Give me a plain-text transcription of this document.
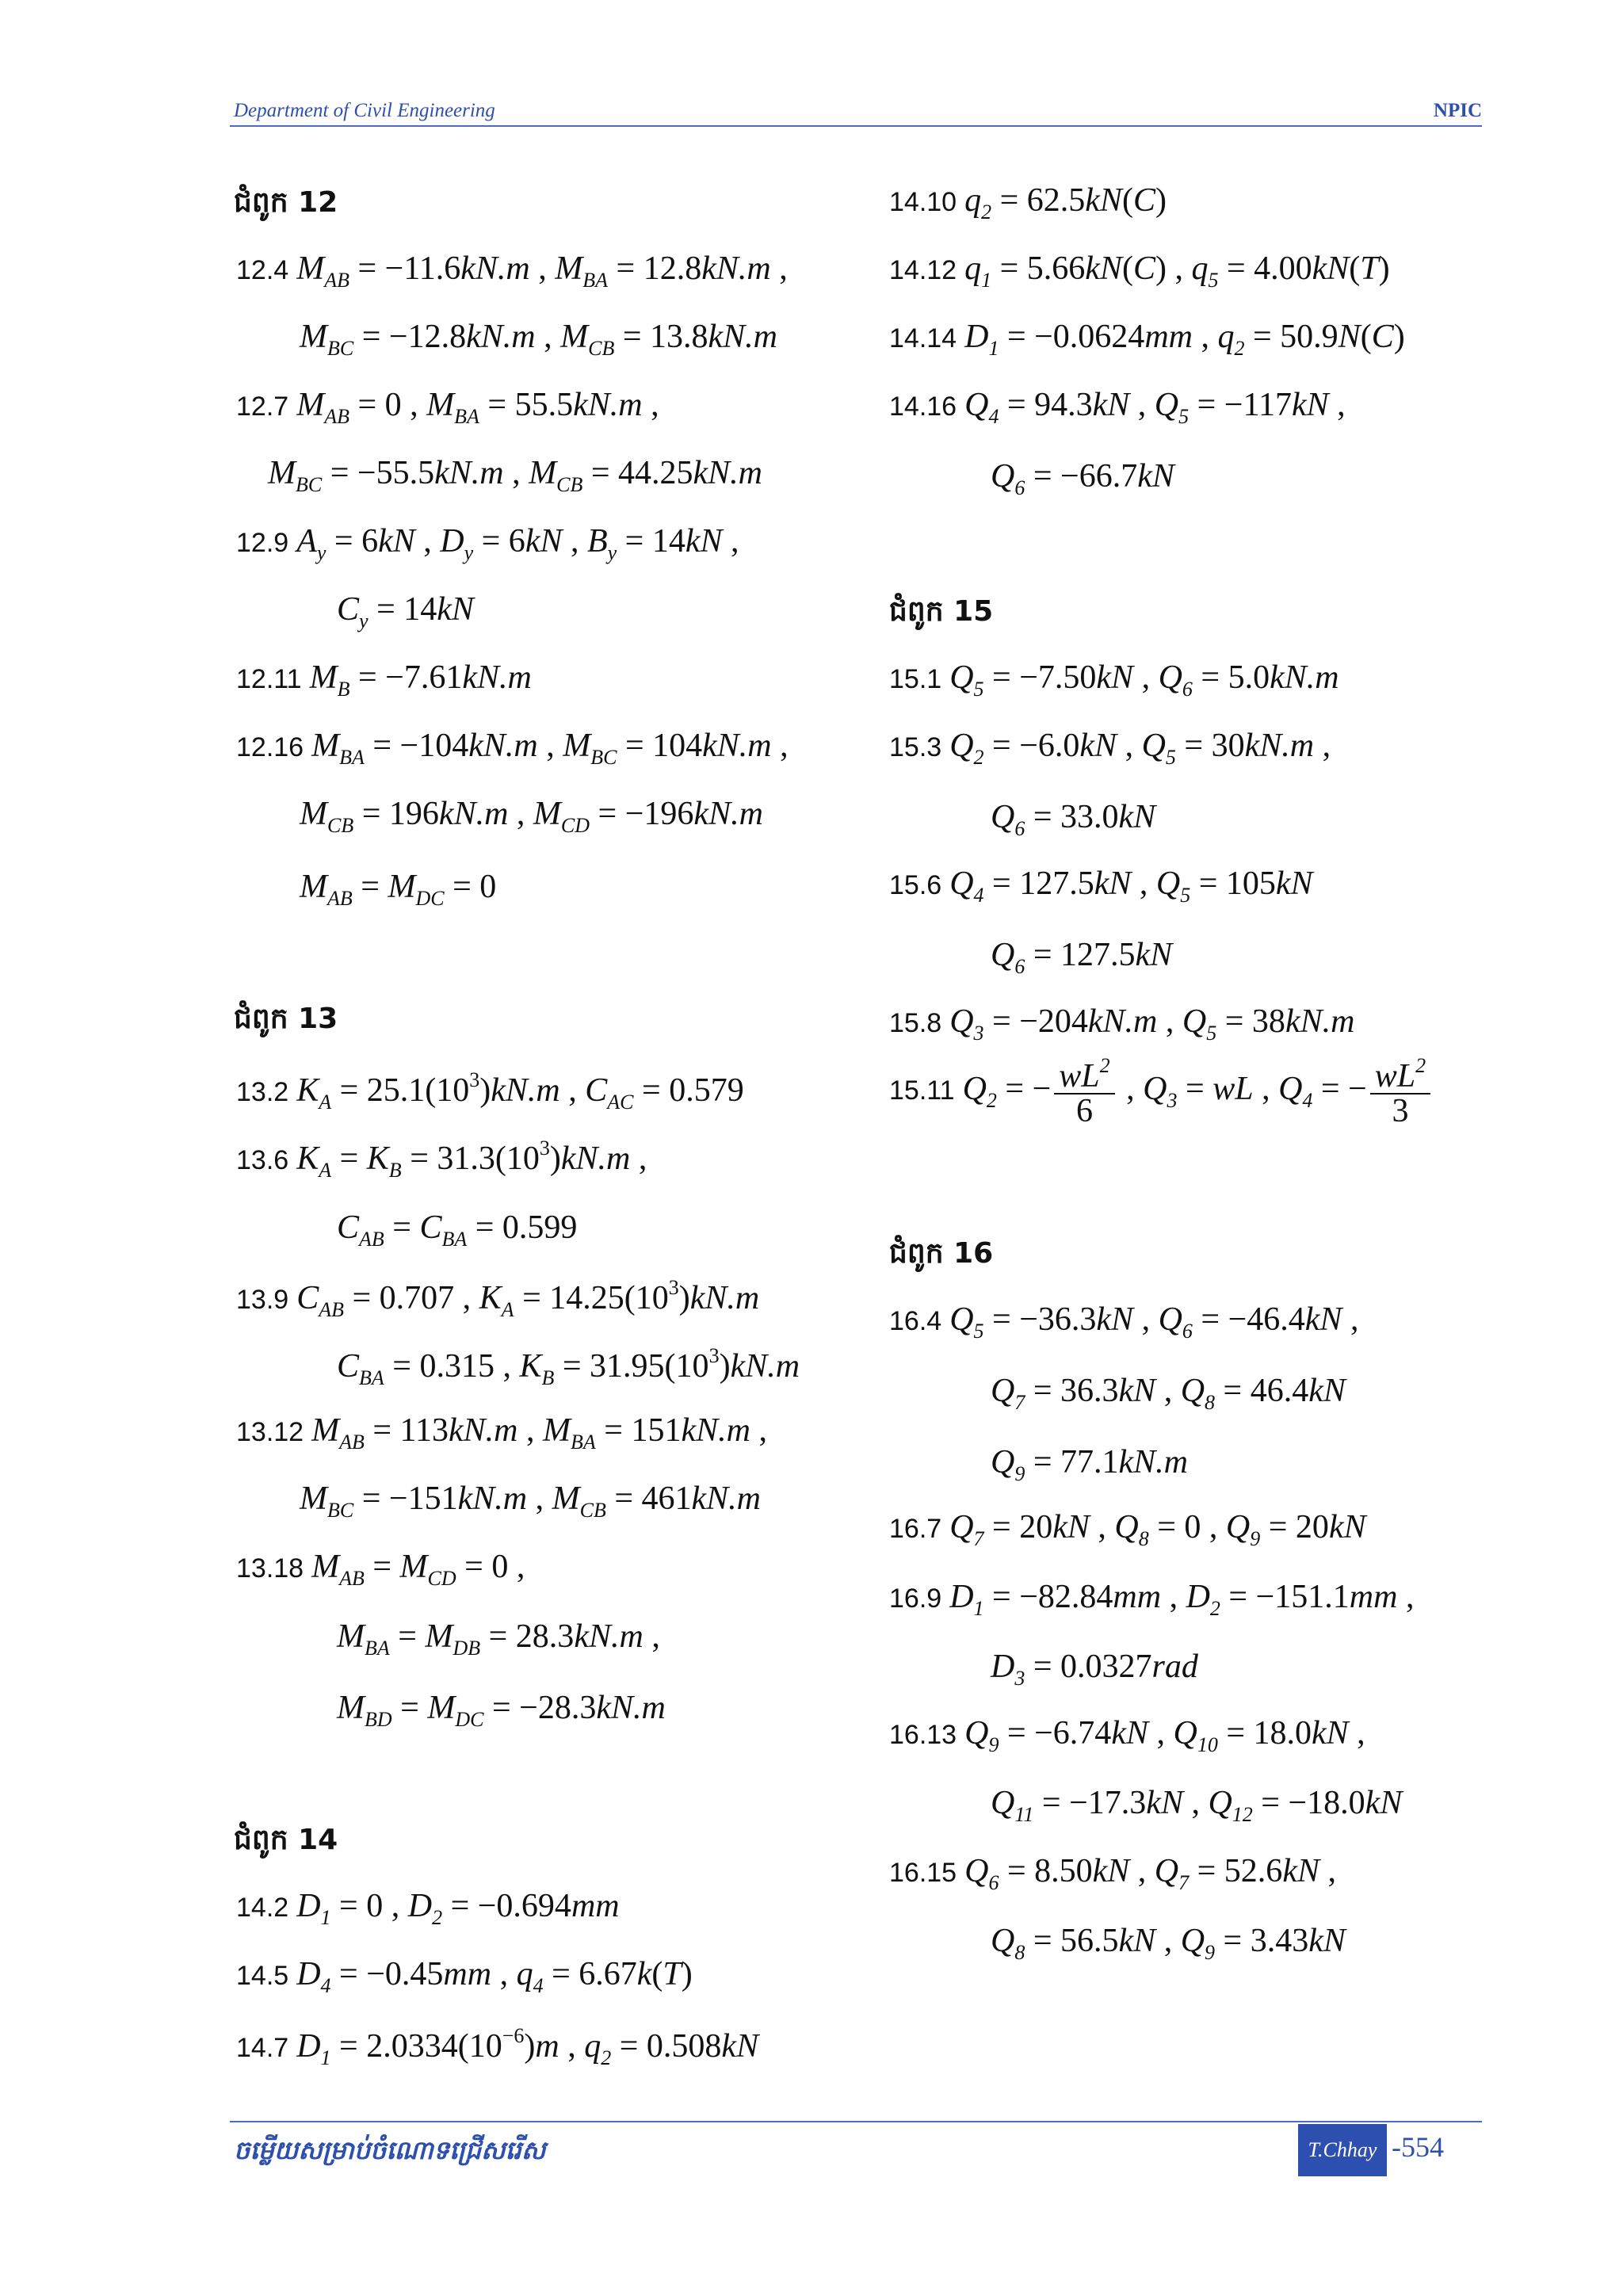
Department of Civil Engineering	NPIC
ជំពូក 12
12.4 $M_{AB} = -11.6kN.m$ , $M_{BA} = 12.8kN.m$ ,
$M_{BC} = -12.8kN.m$ , $M_{CB} = 13.8kN.m$
12.7 $M_{AB} = 0$ , $M_{BA} = 55.5kN.m$ ,
$M_{BC} = -55.5kN.m$ , $M_{CB} = 44.25kN.m$
12.9 $A_y = 6kN$ , $D_y = 6kN$ , $B_y = 14kN$ ,
$C_y = 14kN$
12.11 $M_B = -7.61kN.m$
12.16 $M_{BA} = -104kN.m$ , $M_{BC} = 104kN.m$ ,
$M_{CB} = 196kN.m$ , $M_{CD} = -196kN.m$
$M_{AB} = M_{DC} = 0$
ជំពូក 13
13.2 $K_A = 25.1(10^3)kN.m$ , $C_{AC} = 0.579$
13.6 $K_A = K_B = 31.3(10^3)kN.m$ ,
$C_{AB} = C_{BA} = 0.599$
13.9 $C_{AB} = 0.707$ , $K_A = 14.25(10^3)kN.m$
$C_{BA} = 0.315$ , $K_B = 31.95(10^3)kN.m$
13.12 $M_{AB} = 113kN.m$ , $M_{BA} = 151kN.m$ ,
$M_{BC} = -151kN.m$ , $M_{CB} = 461kN.m$
13.18 $M_{AB} = M_{CD} = 0$ ,
$M_{BA} = M_{DB} = 28.3kN.m$ ,
$M_{BD} = M_{DC} = -28.3kN.m$
ជំពូក 14
14.2 $D_1 = 0$ , $D_2 = -0.694mm$
14.5 $D_4 = -0.45mm$ , $q_4 = 6.67k(T)$
14.7 $D_1 = 2.0334(10^{-6})m$ , $q_2 = 0.508kN$
14.10 $q_2 = 62.5kN(C)$
14.12 $q_1 = 5.66kN(C)$ , $q_5 = 4.00kN(T)$
14.14 $D_1 = -0.0624mm$ , $q_2 = 50.9N(C)$
14.16 $Q_4 = 94.3kN$ , $Q_5 = -117kN$ ,
$Q_6 = -66.7kN$
ជំពូក 15
15.1 $Q_5 = -7.50kN$ , $Q_6 = 5.0kN.m$
15.3 $Q_2 = -6.0kN$ , $Q_5 = 30kN.m$ ,
$Q_6 = 33.0kN$
15.6 $Q_4 = 127.5kN$ , $Q_5 = 105kN$
$Q_6 = 127.5kN$
15.8 $Q_3 = -204kN.m$ , $Q_5 = 38kN.m$
15.11 $Q_2$ = − $\frac{wL^2}{6}$ , $Q_3$ = wL , $Q_4$ = − $\frac{wL^2}{3}$
ជំពូក 16
16.4 $Q_5 = -36.3kN$ , $Q_6 = -46.4kN$ ,
$Q_7 = 36.3kN$ , $Q_8 = 46.4kN$
$Q_9 = 77.1kN.m$
16.7 $Q_7 = 20kN$ , $Q_8 = 0$ , $Q_9 = 20kN$
16.9 $D_1 = -82.84mm$ , $D_2 = -151.1mm$ ,
$D_3 = 0.0327rad$
16.13 $Q_9 = -6.74kN$ , $Q_{10} = 18.0kN$ ,
$Q_{11} = -17.3kN$ , $Q_{12} = -18.0kN$
16.15 $Q_6 = 8.50kN$ , $Q_7 = 52.6kN$ ,
$Q_8 = 56.5kN$ , $Q_9 = 3.43kN$
ចម្លើយសម្រាប់ចំណោទជ្រើសរើស	T.Chhay -554
